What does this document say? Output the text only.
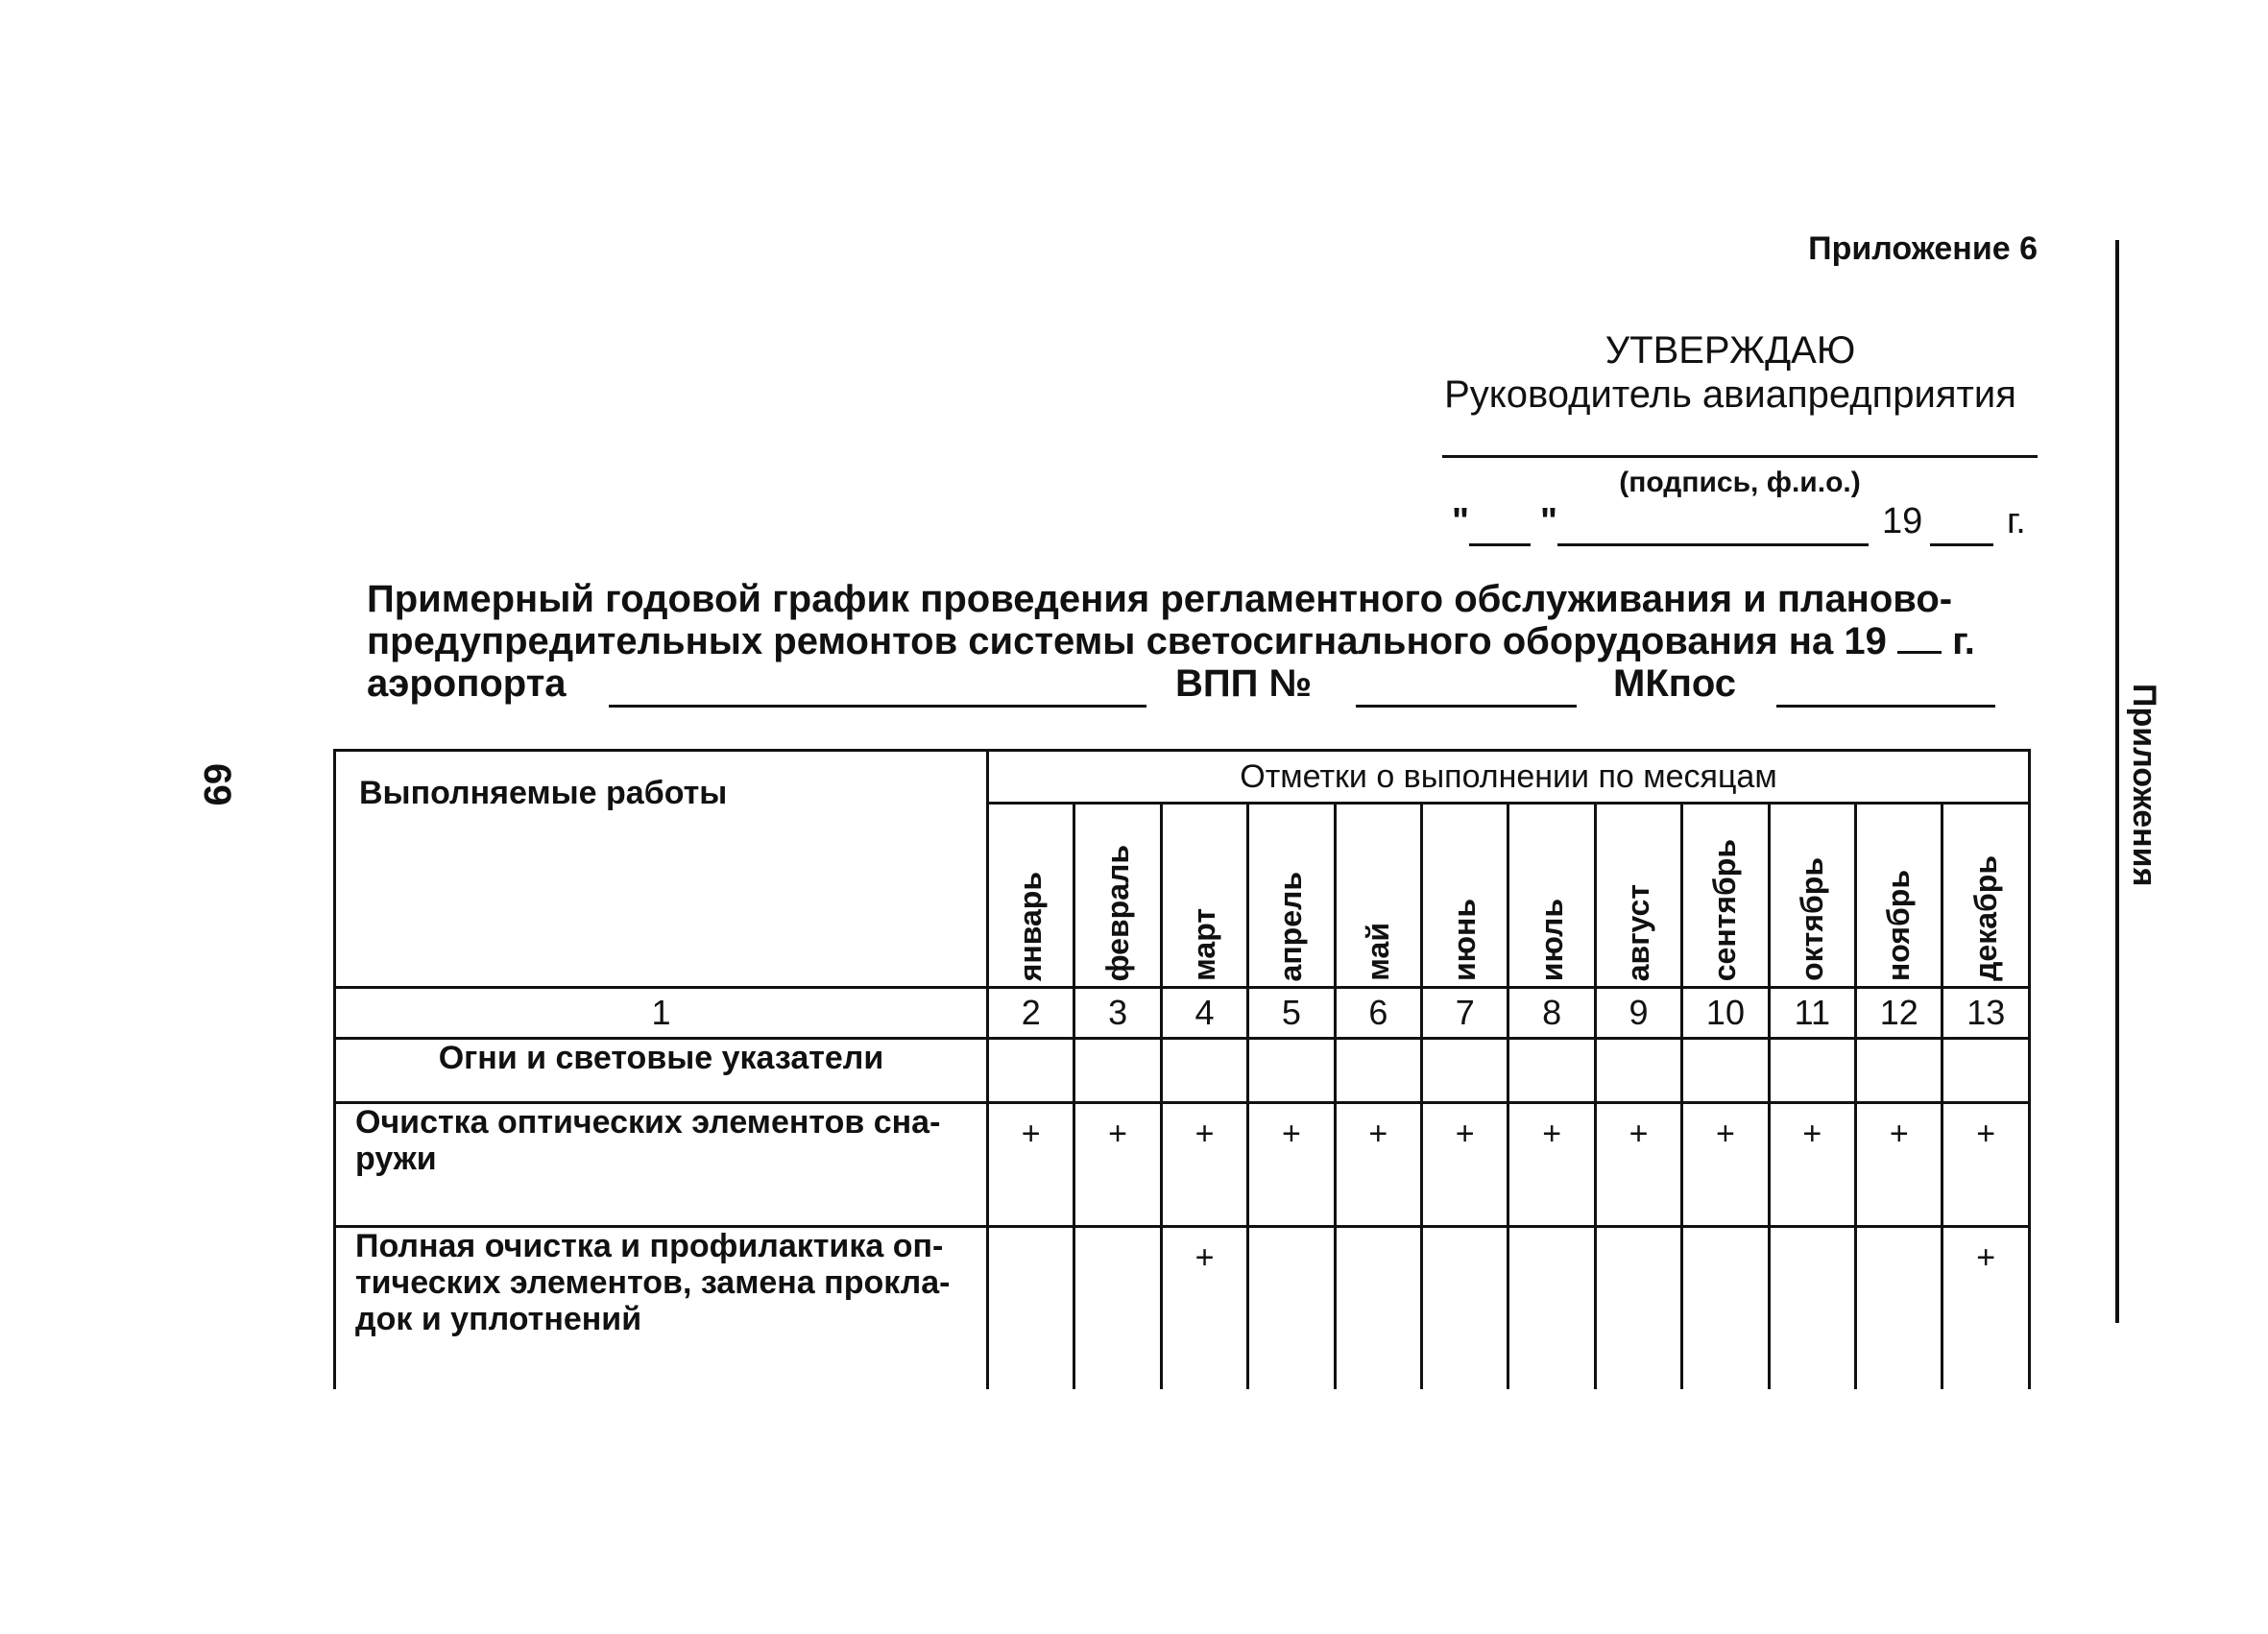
Приложение 6
УТВЕРЖДАЮ
Руководитель авиапредприятия
(подпись, ф.и.о.)
" "	19 г.
Примерный годовой график проведения регламентного обслуживания и планово-
предупредительных ремонтов системы светосигнального оборудования на 19 г.
аэропорта	ВПП №	МКпос
69	Приложения
Выполняемые работы	Отметки о выполнении по месяцам											
	январь	февраль	март	апрель	май	июнь	июль	август	сентябрь	октябрь	ноябрь	декабрь
1	2	3	4	5	6	7	8	9	10	11	12	13
Огни и световые указатели												
Очистка оптических элементов сна-ружи	+	+	+	+	+	+	+	+	+	+	+	+
Полная очистка и профилактика оп-тических элементов, замена прокла-док и уплотнений			+									+
